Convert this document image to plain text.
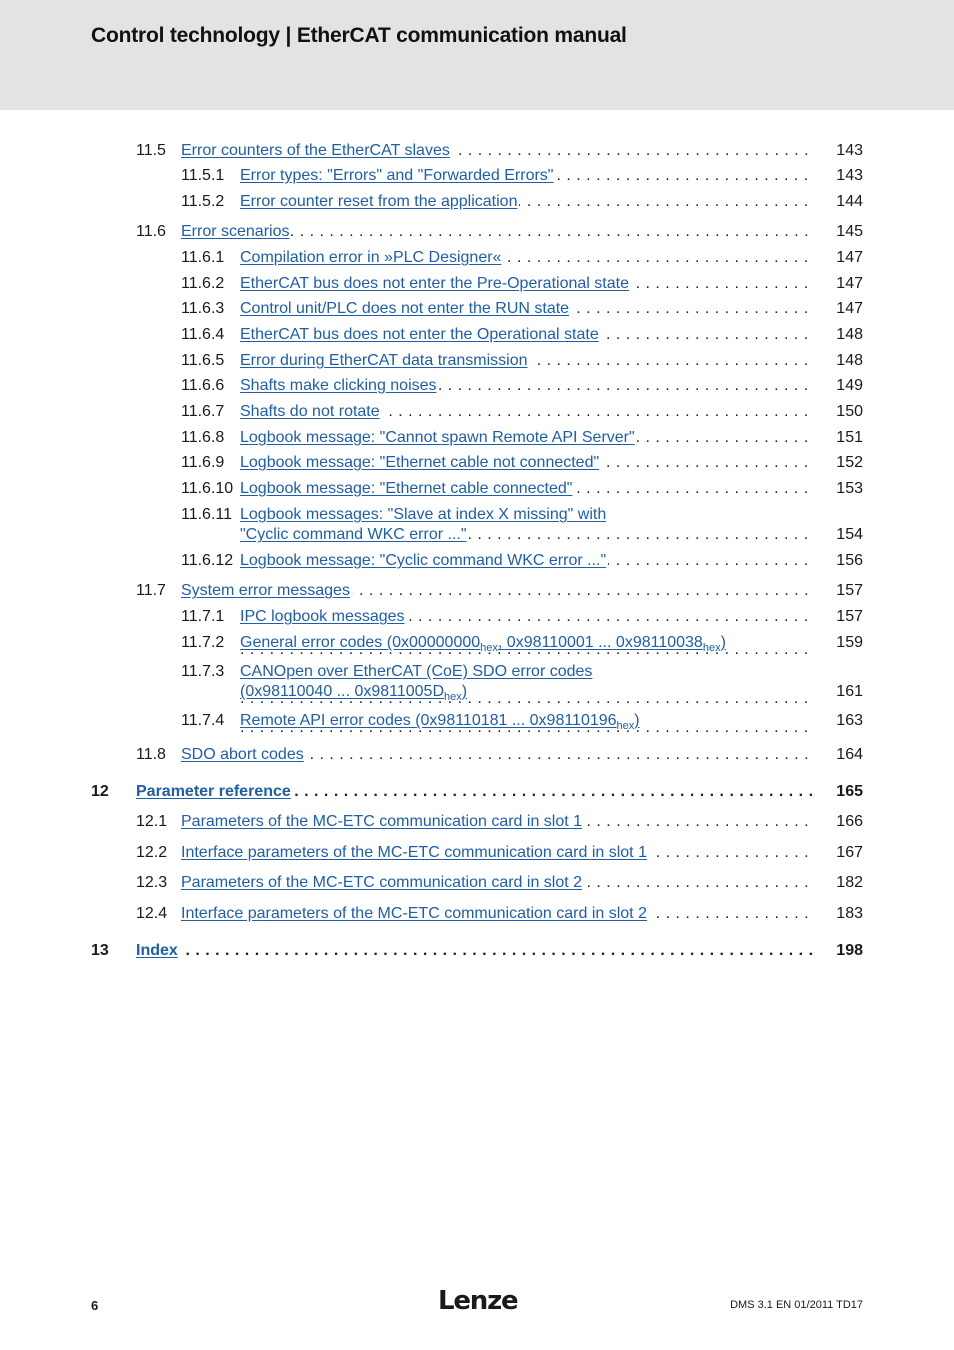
Control technology | EtherCAT communication manual
11.5 Error counters of the EtherCAT slaves . . .	143
11.5.1 Error types: "Errors" and "Forwarded Errors" . . .	143
11.5.2 Error counter reset from the application . . .	144
11.6 Error scenarios . . .	145
11.6.1 Compilation error in »PLC Designer« . . .	147
11.6.2 EtherCAT bus does not enter the Pre-Operational state . . .	147
11.6.3 Control unit/PLC does not enter the RUN state . . .	147
11.6.4 EtherCAT bus does not enter the Operational state . . .	148
11.6.5 Error during EtherCAT data transmission . . .	148
11.6.6 Shafts make clicking noises . . .	149
11.6.7 Shafts do not rotate . . .	150
11.6.8 Logbook message: "Cannot spawn Remote API Server" . . .	151
11.6.9 Logbook message: "Ethernet cable not connected" . . .	152
11.6.10 Logbook message: "Ethernet cable connected" . . .	153
11.6.11 Logbook messages: "Slave at index X missing" with
"Cyclic command WKC error ..." . . .	154
11.6.12 Logbook message: "Cyclic command WKC error ..." . . .	156
11.7 System error messages . . .	157
11.7.1 IPC logbook messages . . .	157
11.7.2 General error codes ($0x00000000_{hex}$, 0x98110001 ... $0x98110038_{hex}$) . . .	159
11.7.3 CANOpen over EtherCAT (CoE) SDO error codes
(0x98110040 ... $0x9811005D_{hex}$) . . .	161
11.7.4 Remote API error codes (0x98110181 ... $0x98110196_{hex}$) . . .	163
11.8 SDO abort codes . . .	164
12 Parameter reference . . .	165
12.1 Parameters of the MC-ETC communication card in slot 1 . . .	166
12.2 Interface parameters of the MC-ETC communication card in slot 1 . . .	167
12.3 Parameters of the MC-ETC communication card in slot 2 . . .	182
12.4 Interface parameters of the MC-ETC communication card in slot 2 . . .	183
13 Index . . .	198
6	Lenze	DMS 3.1 EN 01/2011 TD17
